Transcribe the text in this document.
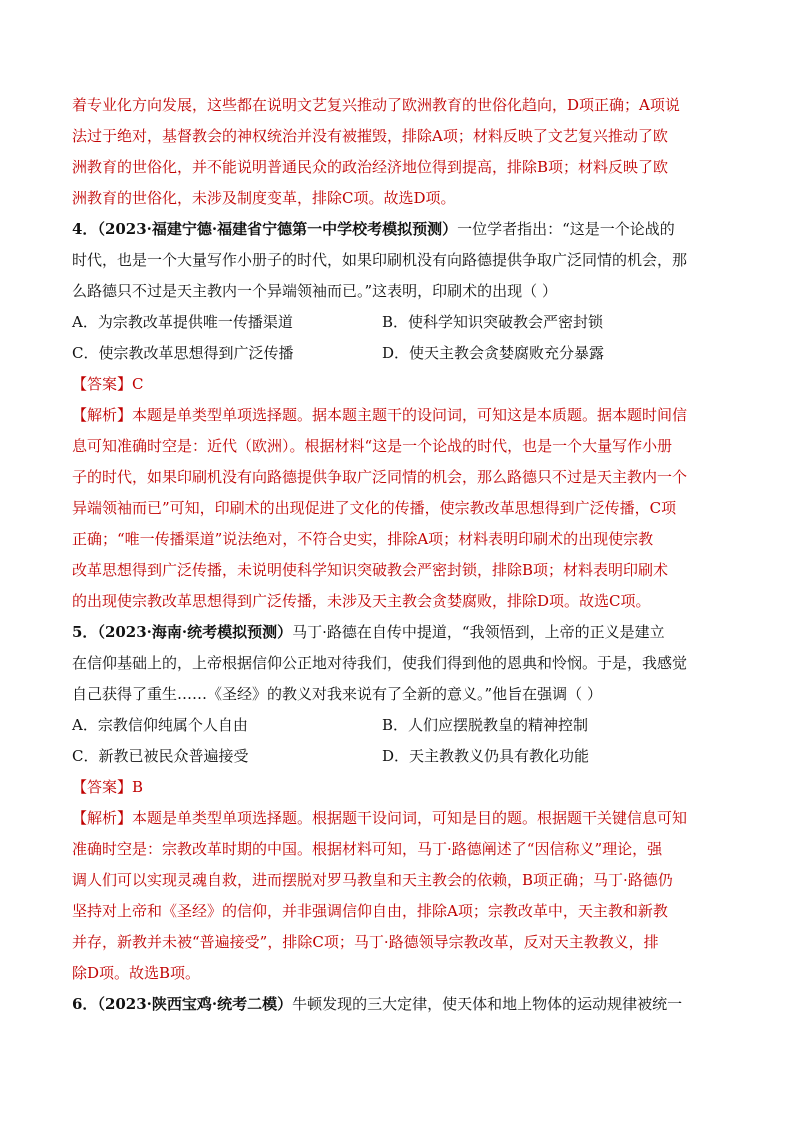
着专业化方向发展，这些都在说明文艺复兴推动了欧洲教育的世俗化趋向，D项正确；A项说
法过于绝对，基督教会的神权统治并没有被摧毁，排除A项；材料反映了文艺复兴推动了欧
洲教育的世俗化，并不能说明普通民众的政治经济地位得到提高，排除B项；材料反映了欧
洲教育的世俗化，未涉及制度变革，排除C项。故选D项。
4．（2023·福建宁德·福建省宁德第一中学校考模拟预测）一位学者指出：“这是一个论战的
时代，也是一个大量写作小册子的时代，如果印刷机没有向路德提供争取广泛同情的机会，那
么路德只不过是天主教内一个异端领袖而已。”这表明，印刷术的出现（ ）
A．为宗教改革提供唯一传播渠道	B．使科学知识突破教会严密封锁
C．使宗教改革思想得到广泛传播	D．使天主教会贪婪腐败充分暴露
【答案】C
【解析】本题是单类型单项选择题。据本题主题干的设问词，可知这是本质题。据本题时间信
息可知准确时空是：近代（欧洲）。根据材料“这是一个论战的时代，也是一个大量写作小册
子的时代，如果印刷机没有向路德提供争取广泛同情的机会，那么路德只不过是天主教内一个
异端领袖而已”可知，印刷术的出现促进了文化的传播，使宗教改革思想得到广泛传播，C项
正确；“唯一传播渠道”说法绝对，不符合史实，排除A项；材料表明印刷术的出现使宗教
改革思想得到广泛传播，未说明使科学知识突破教会严密封锁，排除B项；材料表明印刷术
的出现使宗教改革思想得到广泛传播，未涉及天主教会贪婪腐败，排除D项。故选C项。
5．（2023·海南·统考模拟预测）马丁·路德在自传中提道，“我领悟到，上帝的正义是建立
在信仰基础上的，上帝根据信仰公正地对待我们，使我们得到他的恩典和怜悯。于是，我感觉
自己获得了重生……《圣经》的教义对我来说有了全新的意义。”他旨在强调（ ）
A．宗教信仰纯属个人自由	B．人们应摆脱教皇的精神控制
C．新教已被民众普遍接受	D．天主教教义仍具有教化功能
【答案】B
【解析】本题是单类型单项选择题。根据题干设问词，可知是目的题。根据题干关键信息可知
准确时空是：宗教改革时期的中国。根据材料可知，马丁·路德阐述了“因信称义”理论，强
调人们可以实现灵魂自救，进而摆脱对罗马教皇和天主教会的依赖，B项正确；马丁·路德仍
坚持对上帝和《圣经》的信仰，并非强调信仰自由，排除A项；宗教改革中，天主教和新教
并存，新教并未被“普遍接受”，排除C项；马丁·路德领导宗教改革，反对天主教教义，排
除D项。故选B项。
6．（2023·陕西宝鸡·统考二模）牛顿发现的三大定律，使天体和地上物体的运动规律被统一
